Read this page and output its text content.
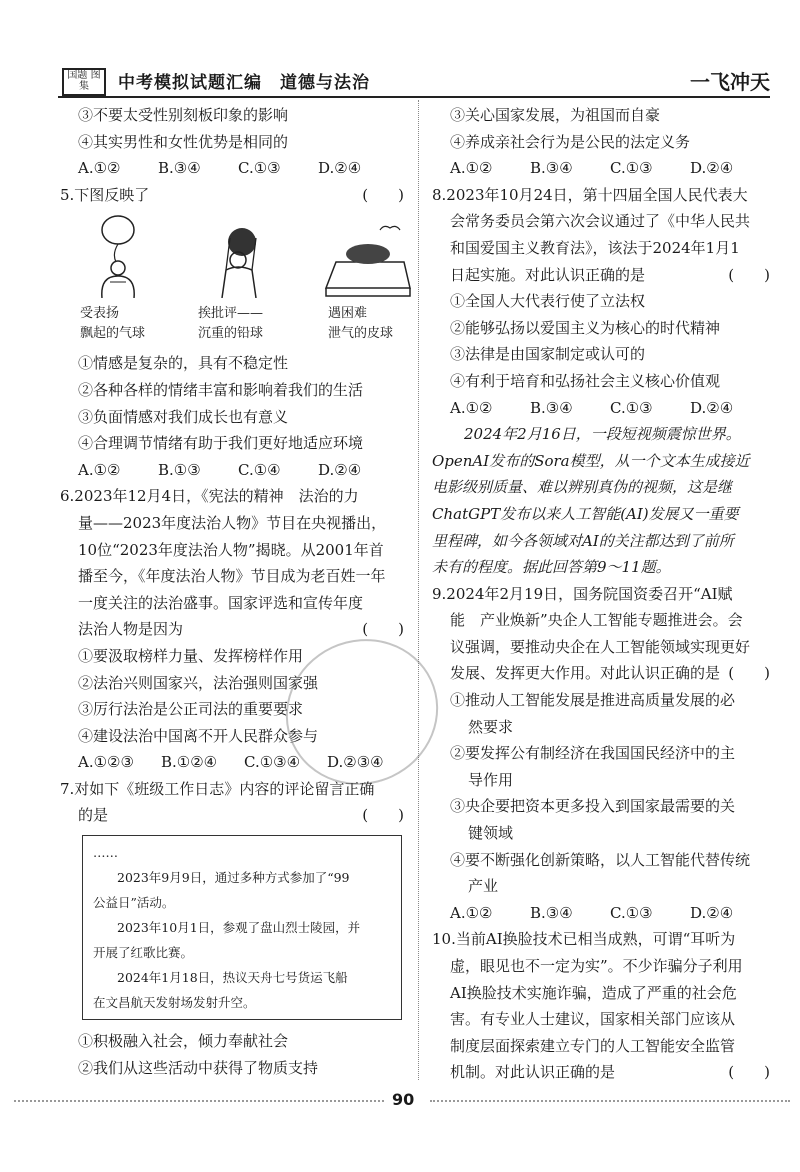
国题 图集	中考模拟试题汇编　道德与法治	一飞冲天
③不要太受性别刻板印象的影响
④其实男性和女性优势是相同的
A.①②	B.③④	C.①③	D.②④
5.下图反映了	(　　)
受表扬
飘起的气球
挨批评——
沉重的铅球
遇困难
泄气的皮球
①情感是复杂的，具有不稳定性
②各种各样的情绪丰富和影响着我们的生活
③负面情感对我们成长也有意义
④合理调节情绪有助于我们更好地适应环境
A.①②	B.①③	C.①④	D.②④
6.2023年12月4日，《宪法的精神　法治的力
量——2023年度法治人物》节目在央视播出，
10位“2023年度法治人物”揭晓。从2001年首
播至今，《年度法治人物》节目成为老百姓一年
一度关注的法治盛事。国家评选和宣传年度
法治人物是因为	(　　)
①要汲取榜样力量、发挥榜样作用
②法治兴则国家兴，法治强则国家强
③厉行法治是公正司法的重要要求
④建设法治中国离不开人民群众参与
A.①②③	B.①②④	C.①③④	D.②③④
7.对如下《班级工作日志》内容的评论留言正确
的是	(　　)
……
2023年9月9日，通过多种方式参加了“99
公益日”活动。
2023年10月1日，参观了盘山烈士陵园，并
开展了红歌比赛。
2024年1月18日，热议天舟七号货运飞船
在文昌航天发射场发射升空。
①积极融入社会，倾力奉献社会
②我们从这些活动中获得了物质支持
③关心国家发展，为祖国而自豪
④养成亲社会行为是公民的法定义务
A.①②	B.③④	C.①③	D.②④
8.2023年10月24日，第十四届全国人民代表大
会常务委员会第六次会议通过了《中华人民共
和国爱国主义教育法》，该法于2024年1月1
日起实施。对此认识正确的是	(　　)
①全国人大代表行使了立法权
②能够弘扬以爱国主义为核心的时代精神
③法律是由国家制定或认可的
④有利于培育和弘扬社会主义核心价值观
A.①②	B.③④	C.①③	D.②④
2024年2月16日，一段短视频震惊世界。
OpenAI发布的Sora模型，从一个文本生成接近
电影级别质量、难以辨别真伪的视频，这是继
ChatGPT发布以来人工智能(AI)发展又一重要
里程碑，如今各领域对AI的关注都达到了前所
未有的程度。据此回答第9～11题。
9.2024年2月19日，国务院国资委召开“AI赋
能　产业焕新”央企人工智能专题推进会。会
议强调，要推动央企在人工智能领域实现更好
发展、发挥更大作用。对此认识正确的是 (　　)
①推动人工智能发展是推进高质量发展的必
然要求
②要发挥公有制经济在我国国民经济中的主
导作用
③央企要把资本更多投入到国家最需要的关
键领域
④要不断强化创新策略，以人工智能代替传统
产业
A.①②	B.③④	C.①③	D.②④
10.当前AI换脸技术已相当成熟，可谓“耳听为
虚，眼见也不一定为实”。不少诈骗分子利用
AI换脸技术实施诈骗，造成了严重的社会危
害。有专业人士建议，国家相关部门应该从
制度层面探索建立专门的人工智能安全监管
机制。对此认识正确的是	(　　)
90
